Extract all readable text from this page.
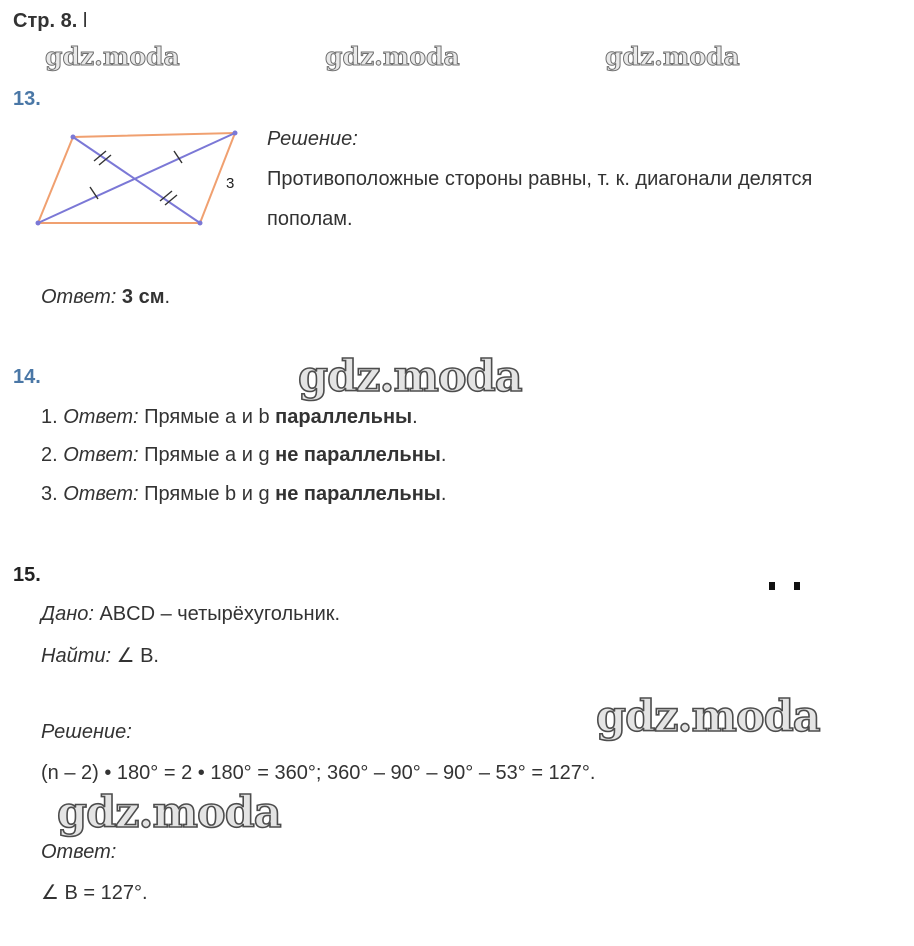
Стр. 8. l
gdz.moda	gdz.moda	gdz.moda
13.
3
Решение:
Противоположные стороны равны, т. к. диагонали делятся
пополам.
Ответ: 3 см.
14.	gdz.moda
1. Ответ: Прямые a и b параллельны.
2. Ответ: Прямые a и g не параллельны.
3. Ответ: Прямые b и g не параллельны.
15.
Дано: ABCD – четырёхугольник.
Найти: ∠ B.
gdz.moda
Решение:
(n – 2) • 180° = 2 • 180° = 360°; 360° – 90° – 90° – 53° = 127°.
gdz.moda
Ответ:
∠ B = 127°.
